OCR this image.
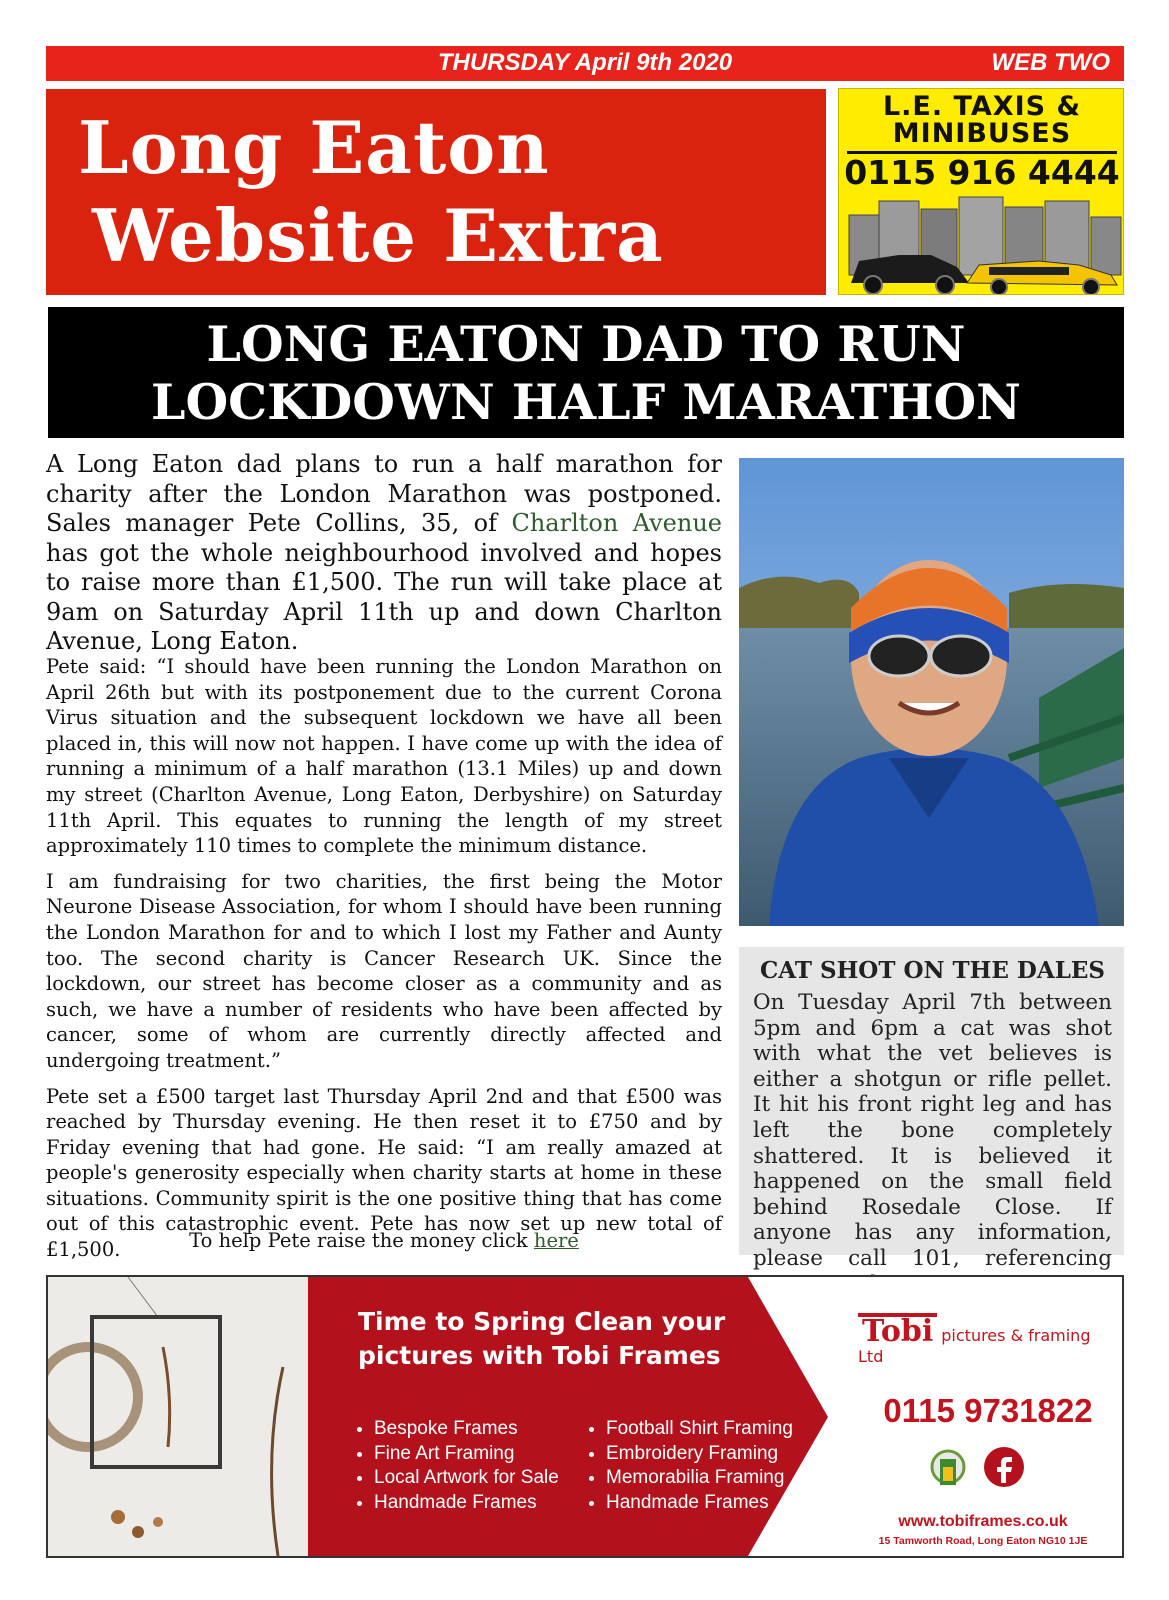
THURSDAY April 9th 2020	WEB TWO
Long Eaton
Website Extra
L.E. TAXIS &
MINIBUSES
0115 916 4444
LONG EATON DAD TO RUN
LOCKDOWN HALF MARATHON
A Long Eaton dad plans to run a half marathon for charity after the London Marathon was postponed. Sales manager Pete Collins, 35, of Charlton Avenue has got the whole neighbourhood involved and hopes to raise more than £1,500. The run will take place at 9am on Saturday April 11th up and down Charlton Avenue, Long Eaton.

Pete said: “I should have been running the London Marathon on April 26th but with its postponement due to the current Corona Virus situation and the subsequent lockdown we have all been placed in, this will now not happen. I have come up with the idea of running a minimum of a half marathon (13.1 Miles) up and down my street (Charlton Avenue, Long Eaton, Derbyshire) on Saturday 11th April. This equates to running the length of my street approximately 110 times to complete the minimum distance.

I am fundraising for two charities, the first being the Motor Neurone Disease Association, for whom I should have been running the London Marathon for and to which I lost my Father and Aunty too. The second charity is Cancer Research UK. Since the lockdown, our street has become closer as a community and as such, we have a number of residents who have been affected by cancer, some of whom are currently directly affected and undergoing treatment.”

Pete set a £500 target last Thursday April 2nd and that £500 was reached by Thursday evening. He then reset it to £750 and by Friday evening that had gone. He said: “I am really amazed at people's generosity especially when charity starts at home in these situations. Community spirit is the one positive thing that has come out of this catastrophic event. Pete has now set up new total of £1,500.	To help Pete raise the money click here
CAT SHOT ON THE DALES

On Tuesday April 7th between 5pm and 6pm a cat was shot with what the vet believes is either a shotgun or rifle pellet. It hit his front right leg and has left the bone completely shattered. It is believed it happened on the small field behind Rosedale Close. If anyone has any information, please call 101, referencing

Time to Spring Clean your
pictures with Tobi Frames
• Bespoke Frames
• Fine Art Framing
• Local Artwork for Sale
• Handmade Frames
• Football Shirt Framing
• Embroidery Framing
• Memorabilia Framing
• Handmade Frames
Tobi pictures & framing Ltd
0115 9731822
www.tobiframes.co.uk
15 Tamworth Road, Long Eaton NG10 1JE
